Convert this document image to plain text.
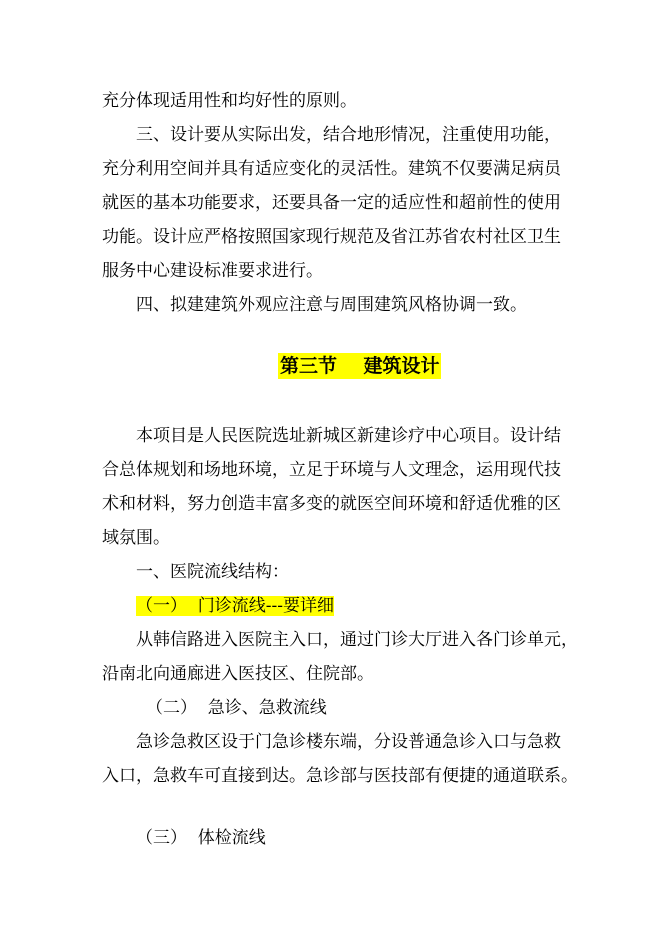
充分体现适用性和均好性的原则。
三、设计要从实际出发，结合地形情况，注重使用功能，
充分利用空间并具有适应变化的灵活性。建筑不仅要满足病员
就医的基本功能要求，还要具备一定的适应性和超前性的使用
功能。设计应严格按照国家现行规范及省江苏省农村社区卫生
服务中心建设标准要求进行。
四、拟建建筑外观应注意与周围建筑风格协调一致。
第三节    建筑设计
本项目是人民医院选址新城区新建诊疗中心项目。设计结
合总体规划和场地环境，立足于环境与人文理念，运用现代技
术和材料，努力创造丰富多变的就医空间环境和舒适优雅的区
域氛围。
一、医院流线结构：
（一）  门诊流线---要详细
从韩信路进入医院主入口，通过门诊大厅进入各门诊单元，
沿南北向通廊进入医技区、住院部。
（二）  急诊、急救流线
急诊急救区设于门急诊楼东端，分设普通急诊入口与急救
入口，急救车可直接到达。急诊部与医技部有便捷的通道联系。
（三）  体检流线
